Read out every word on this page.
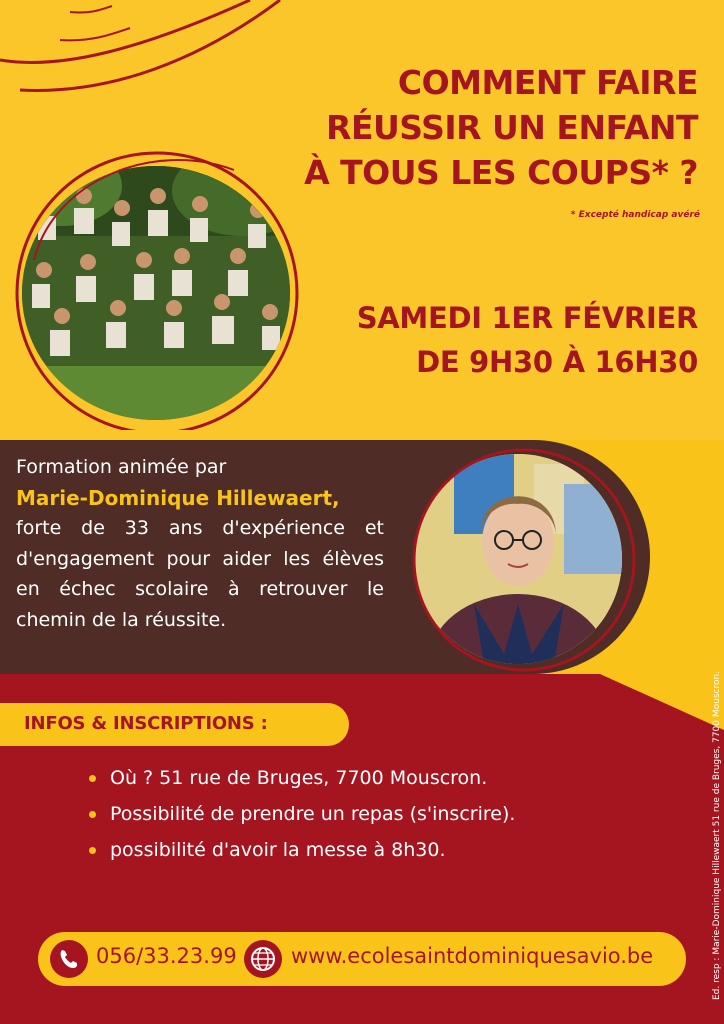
COMMENT FAIRE
RÉUSSIR UN ENFANT
À TOUS LES COUPS* ?
* Excepté handicap avéré
SAMEDI 1ER FÉVRIER
DE 9H30 À 16H30
Formation animée par
Marie-Dominique Hillewaert,
forte de 33 ans d'expérience et d'engagement pour aider les élèves en échec scolaire à retrouver le chemin de la réussite.
INFOS & INSCRIPTIONS :
Où ? 51 rue de Bruges, 7700 Mouscron.
Possibilité de prendre un repas (s'inscrire).
possibilité d'avoir la messe à 8h30.
056/33.23.99	www.ecolesaintdominiquesavio.be	Ed. resp : Marie-Dominique Hillewaert 51 rue de Bruges, 7700 Mouscron.
